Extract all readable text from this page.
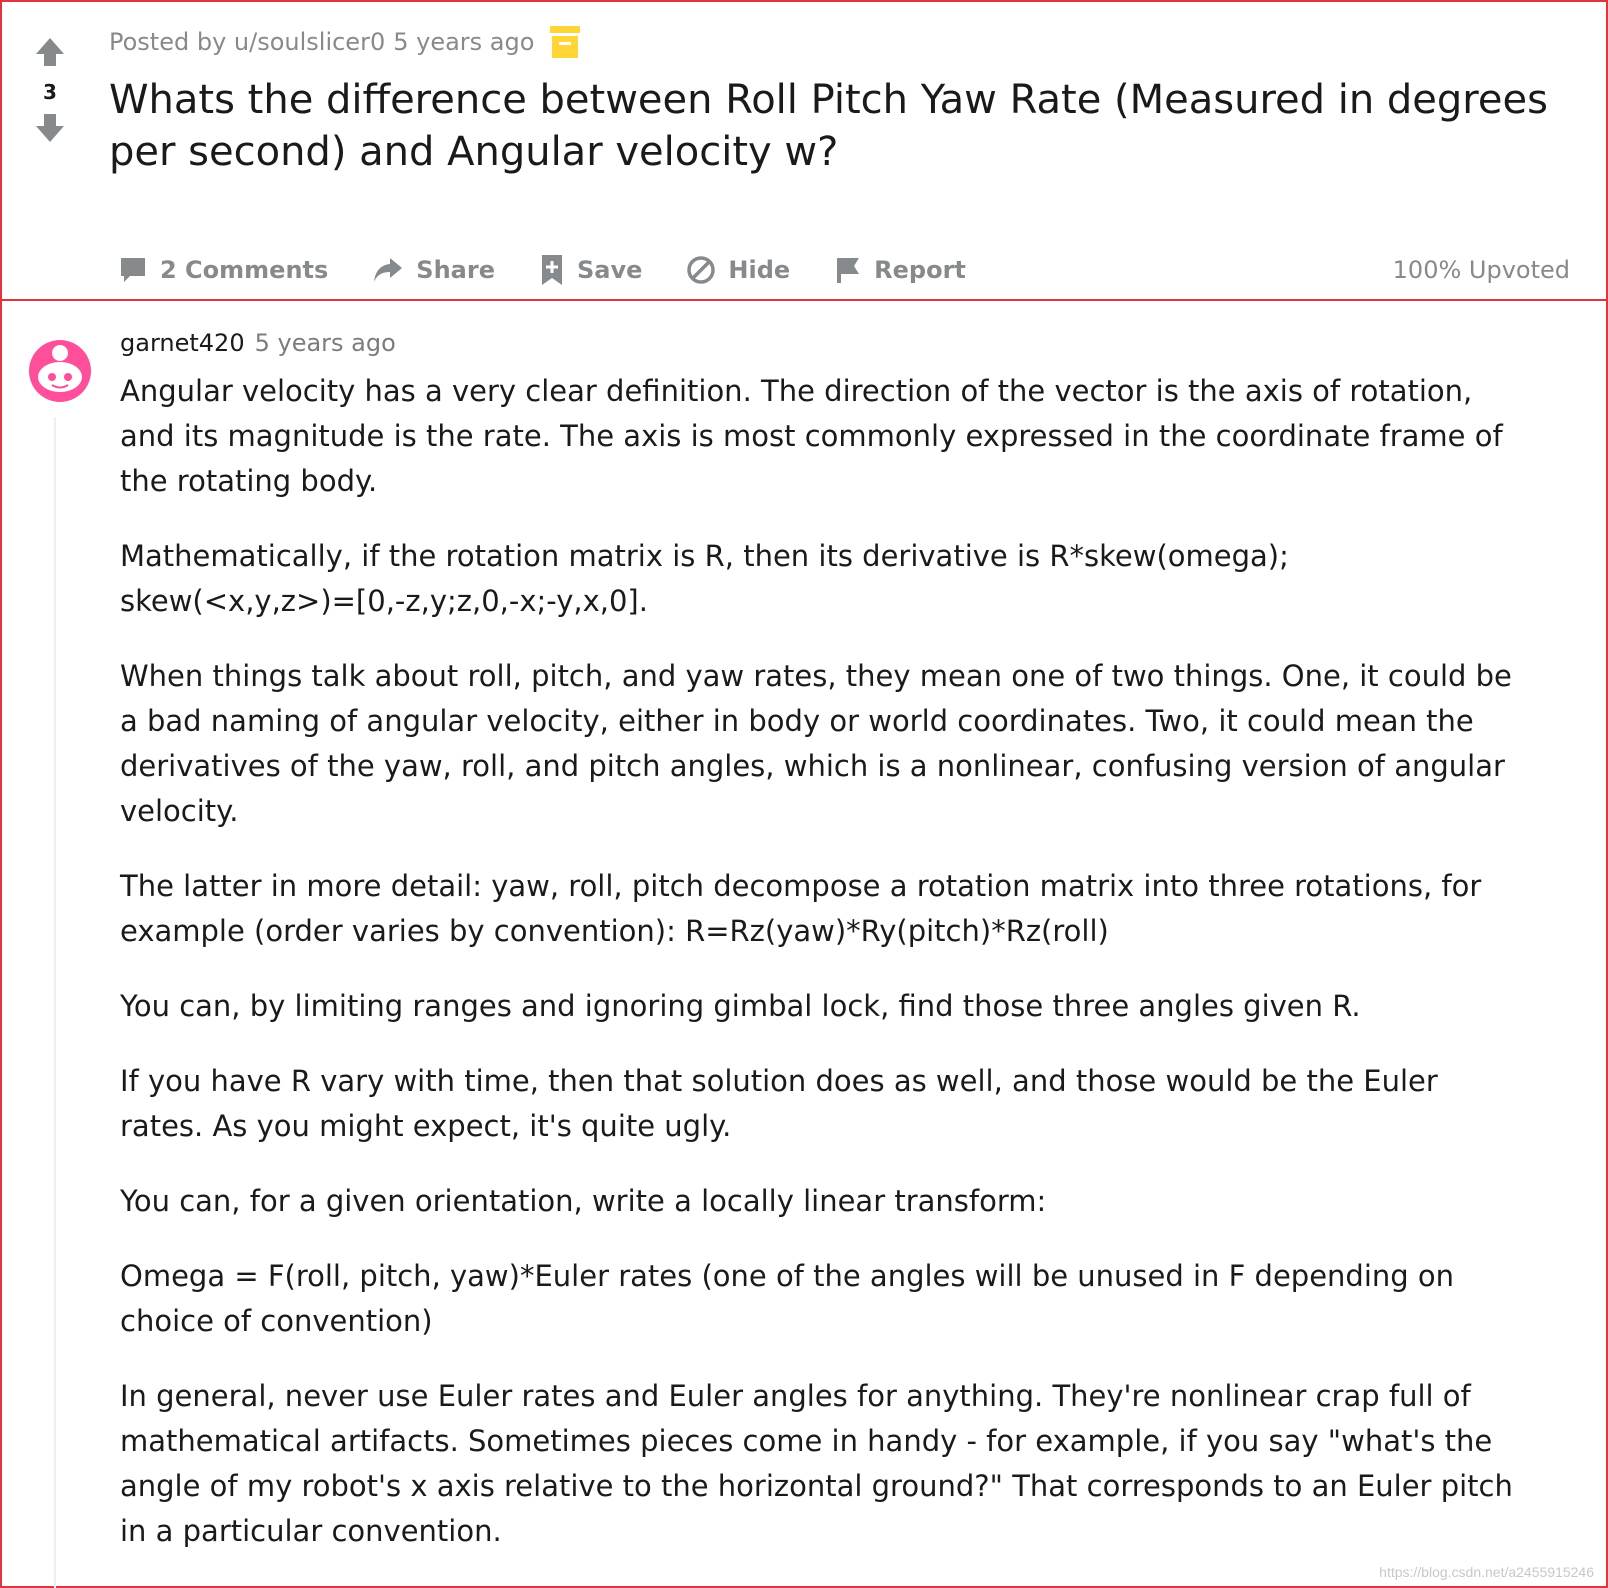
3
Posted by u/soulslicer0 5 years ago
Whats the difference between Roll Pitch Yaw Rate (Measured in degrees per second) and Angular velocity w?
2 Comments	Share	Save	Hide	Report	100% Upvoted
garnet420 5 years ago

Angular velocity has a very clear definition. The direction of the vector is the axis of rotation, and its magnitude is the rate. The axis is most commonly expressed in the coordinate frame of the rotating body.

Mathematically, if the rotation matrix is R, then its derivative is R*skew(omega); skew(<x,y,z>)=[0,-z,y;z,0,-x;-y,x,0].

When things talk about roll, pitch, and yaw rates, they mean one of two things. One, it could be a bad naming of angular velocity, either in body or world coordinates. Two, it could mean the derivatives of the yaw, roll, and pitch angles, which is a nonlinear, confusing version of angular velocity.

The latter in more detail: yaw, roll, pitch decompose a rotation matrix into three rotations, for example (order varies by convention): R=Rz(yaw)*Ry(pitch)*Rz(roll)

You can, by limiting ranges and ignoring gimbal lock, find those three angles given R.

If you have R vary with time, then that solution does as well, and those would be the Euler rates. As you might expect, it's quite ugly.

You can, for a given orientation, write a locally linear transform:

Omega = F(roll, pitch, yaw)*Euler rates (one of the angles will be unused in F depending on choice of convention)

In general, never use Euler rates and Euler angles for anything. They're nonlinear crap full of mathematical artifacts. Sometimes pieces come in handy - for example, if you say "what's the angle of my robot's x axis relative to the horizontal ground?" That corresponds to an Euler pitch in a particular convention.

https://blog.csdn.net/a2455915246
